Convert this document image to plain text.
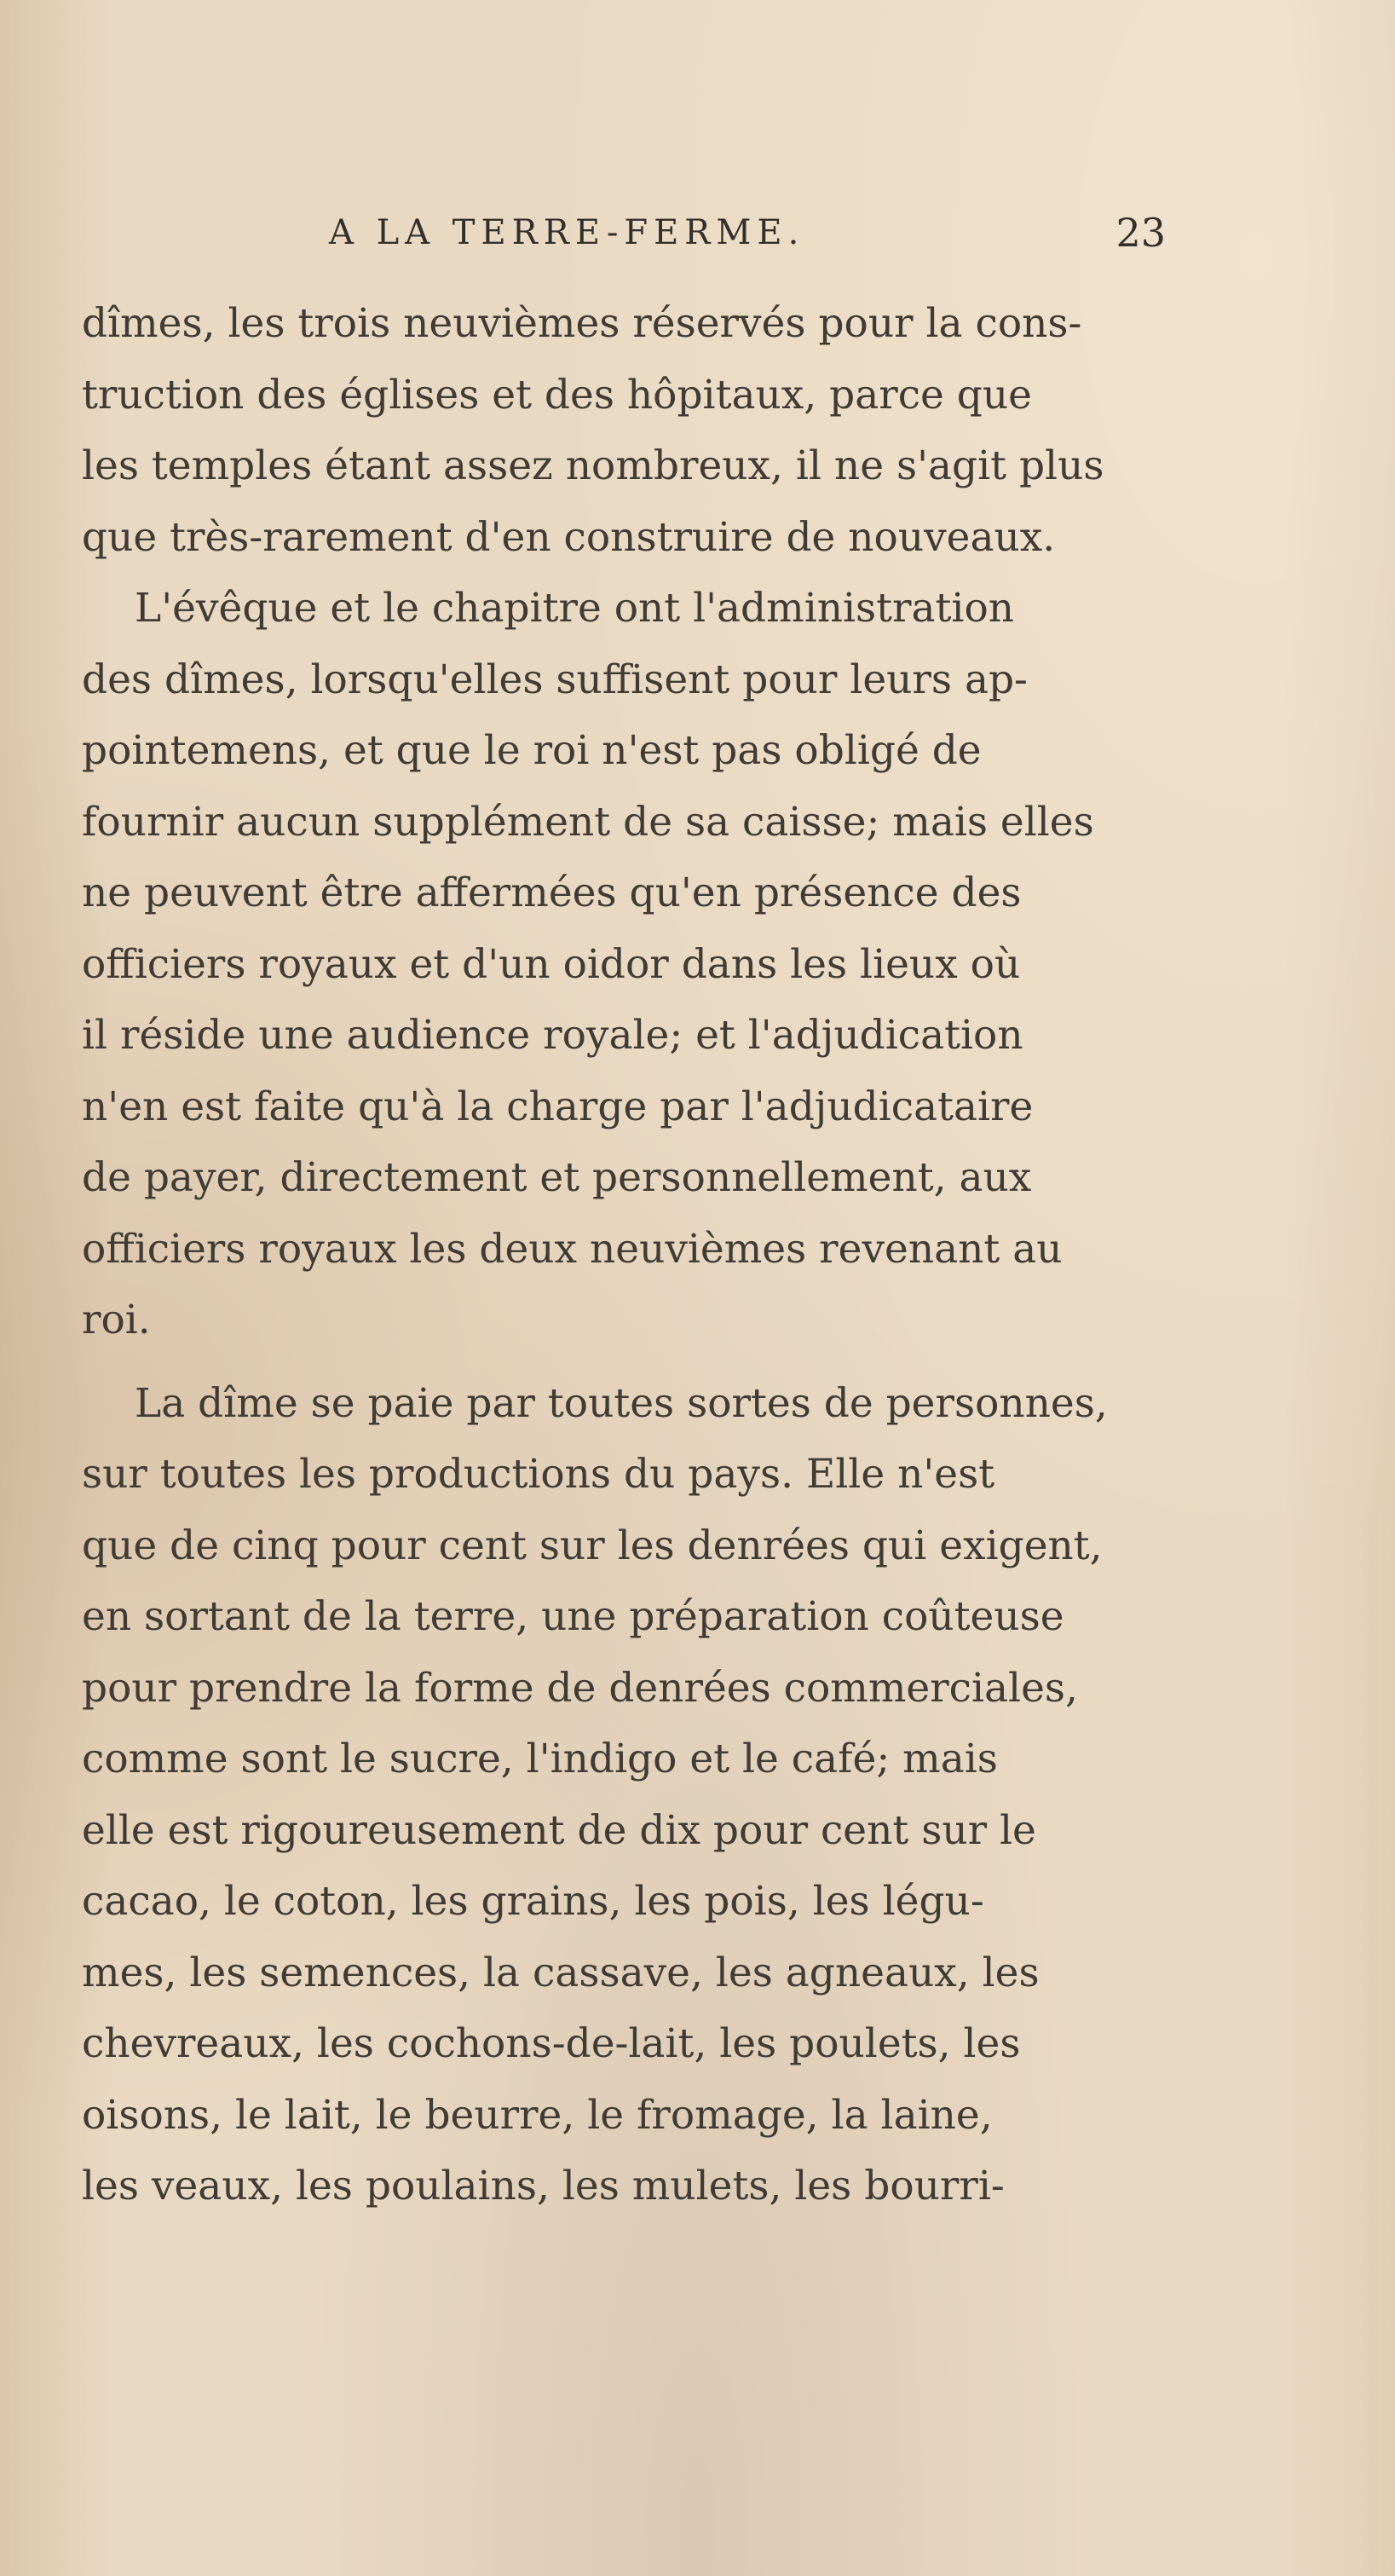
A LA TERRE-FERME.	23
dîmes, les trois neuvièmes réservés pour la cons-
truction des églises et des hôpitaux, parce que
les temples étant assez nombreux, il ne s'agit plus
que très-rarement d'en construire de nouveaux.
L'évêque et le chapitre ont l'administration
des dîmes, lorsqu'elles suffisent pour leurs ap-
pointemens, et que le roi n'est pas obligé de
fournir aucun supplément de sa caisse; mais elles
ne peuvent être affermées qu'en présence des
officiers royaux et d'un oidor dans les lieux où
il réside une audience royale; et l'adjudication
n'en est faite qu'à la charge par l'adjudicataire
de payer, directement et personnellement, aux
officiers royaux les deux neuvièmes revenant au
roi.
La dîme se paie par toutes sortes de personnes,
sur toutes les productions du pays. Elle n'est
que de cinq pour cent sur les denrées qui exigent,
en sortant de la terre, une préparation coûteuse
pour prendre la forme de denrées commerciales,
comme sont le sucre, l'indigo et le café; mais
elle est rigoureusement de dix pour cent sur le
cacao, le coton, les grains, les pois, les légu-
mes, les semences, la cassave, les agneaux, les
chevreaux, les cochons-de-lait, les poulets, les
oisons, le lait, le beurre, le fromage, la laine,
les veaux, les poulains, les mulets, les bourri-
